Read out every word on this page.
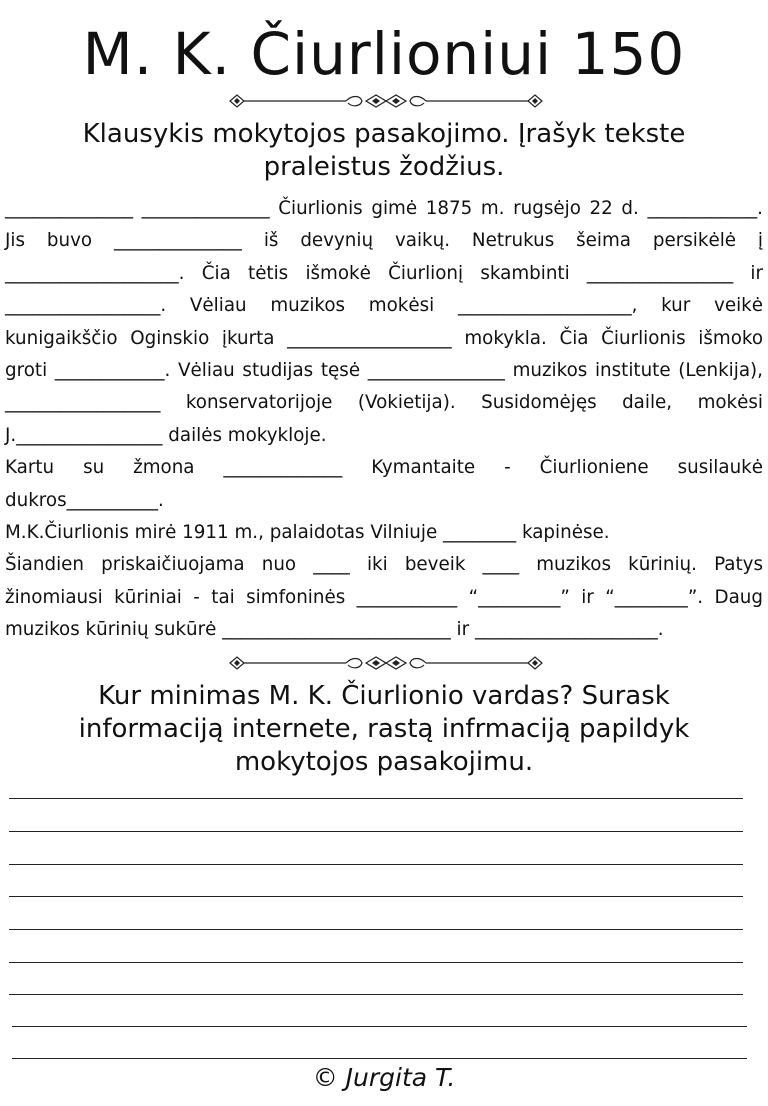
M. K. Čiurlioniui 150
Klausykis mokytojos pasakojimo. Įrašyk tekste
praleistus žodžius.

______________ ______________ Čiurlionis gimė 1875 m. rugsėjo 22 d. ____________. Jis buvo ______________ iš devynių vaikų. Netrukus šeima persikėlė į ___________________. Čia tėtis išmokė Čiurlionį skambinti ________________ ir _________________. Vėliau muzikos mokėsi ___________________, kur veikė kunigaikščio Oginskio įkurta __________________ mokykla. Čia Čiurlionis išmoko groti ____________. Vėliau studijas tęsė _______________ muzikos institute (Lenkija), _________________ konservatorijoje (Vokietija). Susidomėjęs daile, mokėsi J.________________ dailės mokykloje.

Kartu su žmona _____________ Kymantaite - Čiurlioniene susilaukė dukros__________.

M.K.Čiurlionis mirė 1911 m., palaidotas Vilniuje ________ kapinėse.

Šiandien priskaičiuojama nuo ____ iki beveik ____ muzikos kūrinių. Patys žinomiausi kūriniai - tai simfoninės ___________ “_________” ir “________”. Daug muzikos kūrinių sukūrė _________________________ ir ____________________.

Kur minimas M. K. Čiurlionio vardas? Surask
informaciją internete, rastą infrmaciją papildyk
mokytojos pasakojimu.
© Jurgita T.
